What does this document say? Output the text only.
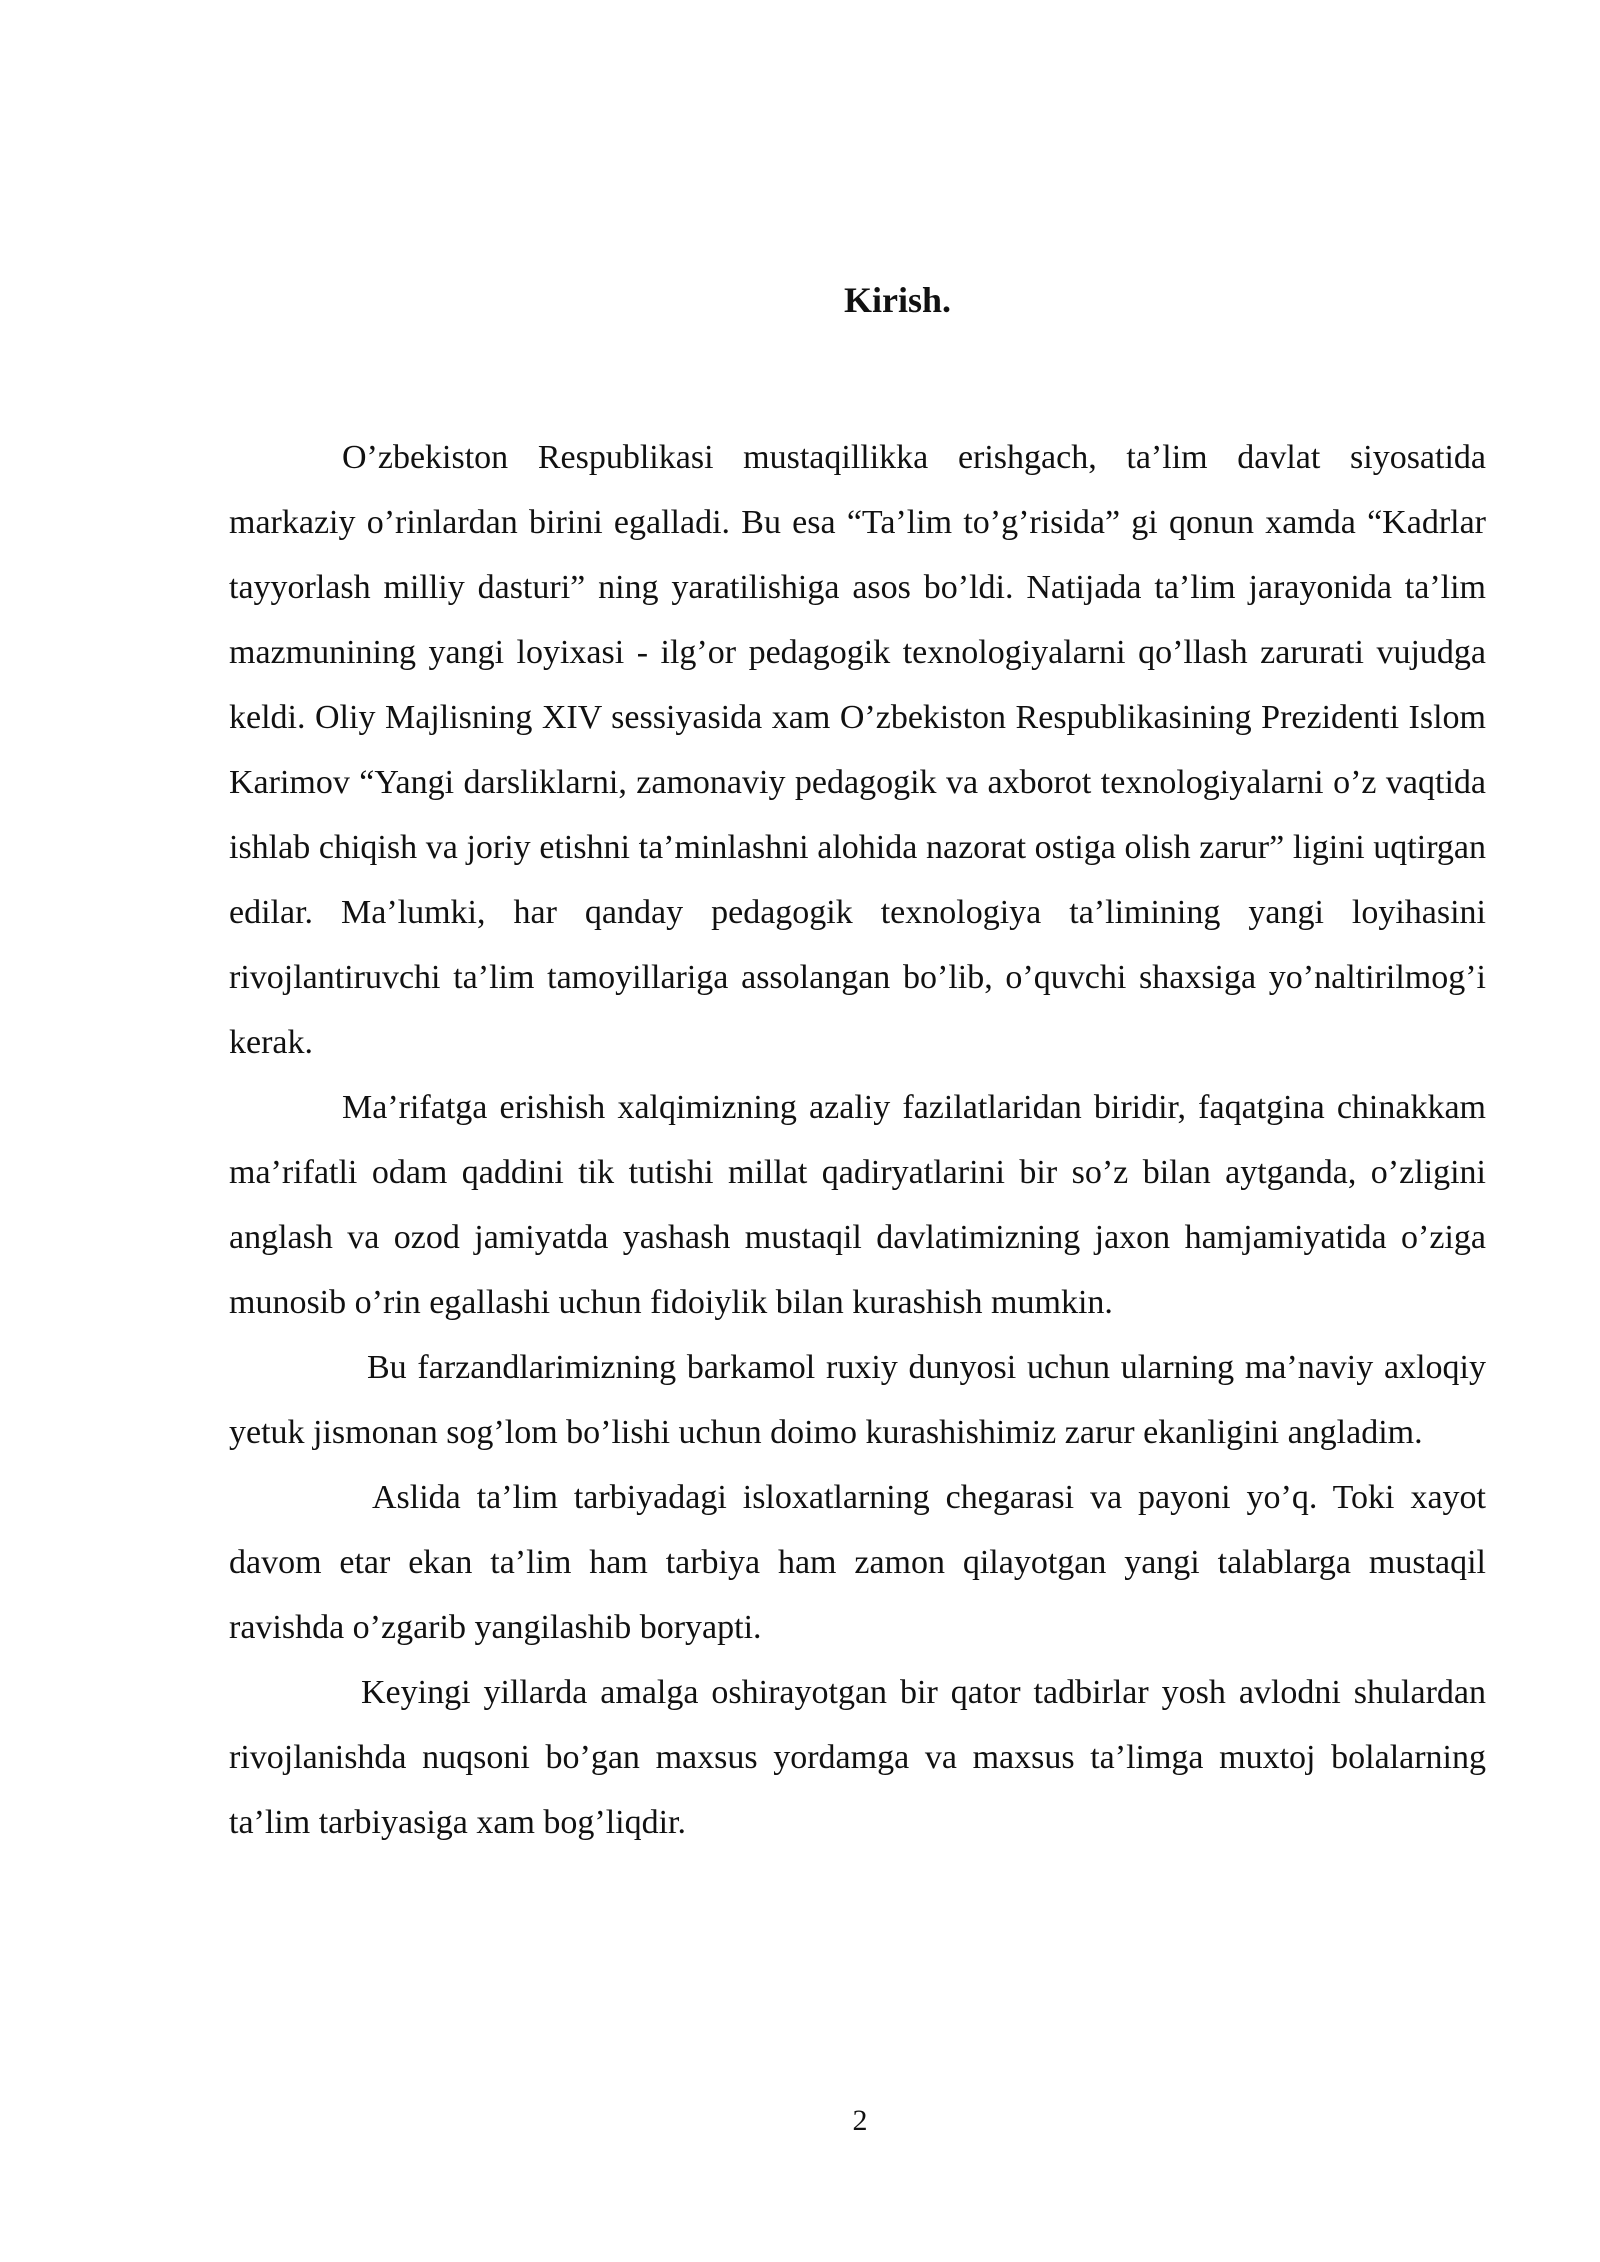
Kirish.

O’zbekiston Respublikasi mustaqillikka erishgach, ta’lim davlat siyosatida markaziy o’rinlardan birini egalladi. Bu esa “Ta’lim to’g’risida” gi qonun xamda “Kadrlar tayyorlash milliy dasturi” ning yaratilishiga asos bo’ldi. Natijada ta’lim jarayonida ta’lim mazmunining yangi loyixasi - ilg’or pedagogik texnologiyalarni qo’llash zarurati vujudga keldi. Oliy Majlisning XIV sessiyasida xam O’zbekiston Respublikasining Prezidenti Islom Karimov “Yangi darsliklarni, zamonaviy pedagogik va axborot texnologiyalarni o’z vaqtida ishlab chiqish va joriy etishni ta’minlashni alohida nazorat ostiga olish zarur” ligini uqtirgan edilar. Ma’lumki, har qanday pedagogik texnologiya ta’limining yangi loyihasini rivojlantiruvchi ta’lim tamoyillariga assolangan bo’lib, o’quvchi shaxsiga yo’naltirilmog’i kerak.

Ma’rifatga erishish xalqimizning azaliy fazilatlaridan biridir, faqatgina chinakkam ma’rifatli odam qaddini tik tutishi millat qadiryatlarini bir so’z bilan aytganda, o’zligini anglash va ozod jamiyatda yashash mustaqil davlatimizning jaxon hamjamiyatida o’ziga munosib o’rin egallashi uchun fidoiylik bilan kurashish mumkin.

Bu farzandlarimizning barkamol ruxiy dunyosi uchun ularning ma’naviy axloqiy yetuk jismonan sog’lom bo’lishi uchun doimo kurashishimiz zarur ekanligini angladim.

Aslida ta’lim tarbiyadagi isloxatlarning chegarasi va payoni yo’q. Toki xayot davom etar ekan ta’lim ham tarbiya ham zamon qilayotgan yangi talablarga mustaqil ravishda o’zgarib yangilashib boryapti.

Keyingi yillarda amalga oshirayotgan bir qator tadbirlar yosh avlodni shulardan rivojlanishda nuqsoni bo’gan maxsus yordamga va maxsus ta’limga muxtoj bolalarning ta’lim tarbiyasiga xam bog’liqdir.

2
